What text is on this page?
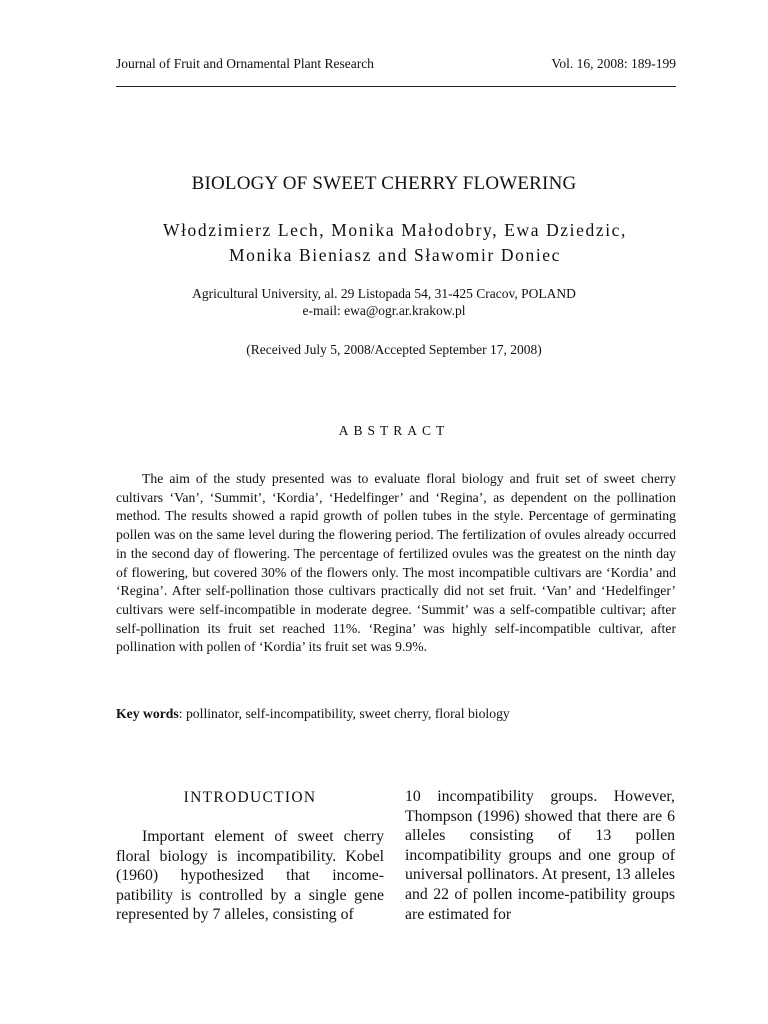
Journal of Fruit and Ornamental Plant Research	Vol. 16, 2008: 189-199
BIOLOGY OF SWEET CHERRY FLOWERING
Włodzimierz Lech, Monika Małodobry, Ewa Dziedzic,
Monika Bieniasz and Sławomir Doniec
Agricultural University, al. 29 Listopada 54, 31-425 Cracov, POLAND
e-mail: ewa@ogr.ar.krakow.pl
(Received July 5, 2008/Accepted September 17, 2008)
ABSTRACT

The aim of the study presented was to evaluate floral biology and fruit set of sweet cherry cultivars ‘Van’, ‘Summit’, ‘Kordia’, ‘Hedelfinger’ and ‘Regina’, as dependent on the pollination method. The results showed a rapid growth of pollen tubes in the style. Percentage of germinating pollen was on the same level during the flowering period. The fertilization of ovules already occurred in the second day of flowering. The percentage of fertilized ovules was the greatest on the ninth day of flowering, but covered 30% of the flowers only. The most incompatible cultivars are ‘Kordia’ and ‘Regina’. After self-pollination those cultivars practically did not set fruit. ‘Van’ and ‘Hedelfinger’ cultivars were self-incompatible in moderate degree. ‘Summit’ was a self-compatible cultivar; after self-pollination its fruit set reached 11%. ‘Regina’ was highly self-incompatible cultivar, after pollination with pollen of ‘Kordia’ its fruit set was 9.9%.

Key words: pollinator, self-incompatibility, sweet cherry, floral biology
INTRODUCTION

Important element of sweet cherry floral biology is incompatibility. Kobel (1960) hypothesized that income-patibility is controlled by a single gene represented by 7 alleles, consisting of

10 incompatibility groups. However, Thompson (1996) showed that there are 6 alleles consisting of 13 pollen incompatibility groups and one group of universal pollinators. At present, 13 alleles and 22 of pollen income-patibility groups are estimated for
